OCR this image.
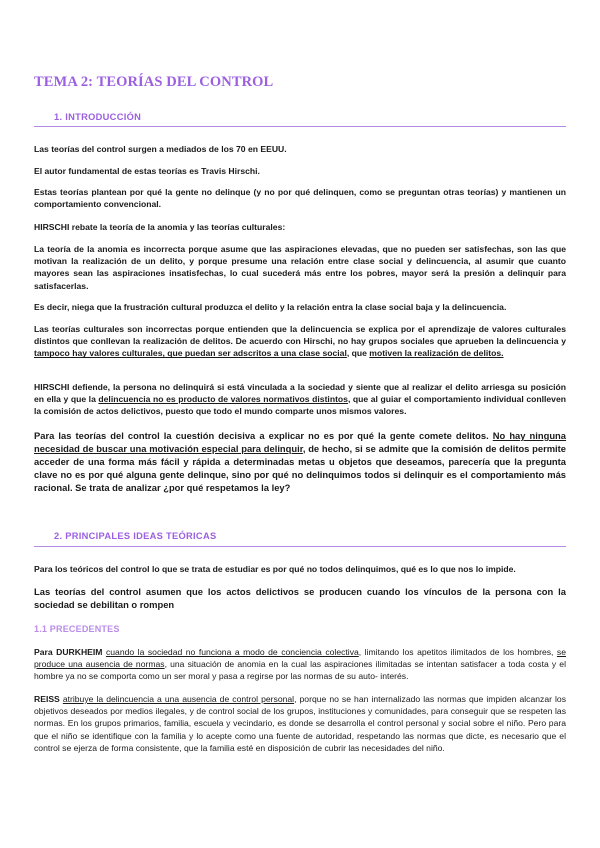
TEMA 2: TEORÍAS DEL CONTROL
1. INTRODUCCIÓN

Las teorías del control surgen a mediados de los 70 en EEUU.

El autor fundamental de estas teorías es Travis Hirschi.

Estas teorías plantean por qué la gente no delinque (y no por qué delinquen, como se preguntan otras teorías) y mantienen un comportamiento convencional.

HIRSCHI rebate la teoría de la anomia y las teorías culturales:

La teoría de la anomia es incorrecta porque asume que las aspiraciones elevadas, que no pueden ser satisfechas, son las que motivan la realización de un delito, y porque presume una relación entre clase social y delincuencia, al asumir que cuanto mayores sean las aspiraciones insatisfechas, lo cual sucederá más entre los pobres, mayor será la presión a delinquir para satisfacerlas.

Es decir, niega que la frustración cultural produzca el delito y la relación entra la clase social baja y la delincuencia.

Las teorías culturales son incorrectas porque entienden que la delincuencia se explica por el aprendizaje de valores culturales distintos que conllevan la realización de delitos. De acuerdo con Hirschi, no hay grupos sociales que aprueben la delincuencia y tampoco hay valores culturales, que puedan ser adscritos a una clase social, que motiven la realización de delitos.

HIRSCHI defiende, la persona no delinquirá si está vinculada a la sociedad y siente que al realizar el delito arriesga su posición en ella y que la delincuencia no es producto de valores normativos distintos, que al guiar el comportamiento individual conlleven la comisión de actos delictivos, puesto que todo el mundo comparte unos mismos valores.

Para las teorías del control la cuestión decisiva a explicar no es por qué la gente comete delitos. No hay ninguna necesidad de buscar una motivación especial para delinquir, de hecho, si se admite que la comisión de delitos permite acceder de una forma más fácil y rápida a determinadas metas u objetos que deseamos, parecería que la pregunta clave no es por qué alguna gente delinque, sino por qué no delinquimos todos si delinquir es el comportamiento más racional. Se trata de analizar ¿por qué respetamos la ley?

2. PRINCIPALES IDEAS TEÓRICAS

Para los teóricos del control lo que se trata de estudiar es por qué no todos delinquimos, qué es lo que nos lo impide.

Las teorías del control asumen que los actos delictivos se producen cuando los vínculos de la persona con la sociedad se debilitan o rompen

1.1 PRECEDENTES

Para DURKHEIM cuando la sociedad no funciona a modo de conciencia colectiva, limitando los apetitos ilimitados de los hombres, se produce una ausencia de normas, una situación de anomia en la cual las aspiraciones ilimitadas se intentan satisfacer a toda costa y el hombre ya no se comporta como un ser moral y pasa a regirse por las normas de su auto- interés.

REISS atribuye la delincuencia a una ausencia de control personal, porque no se han internalizado las normas que impiden alcanzar los objetivos deseados por medios ilegales, y de control social de los grupos, instituciones y comunidades, para conseguir que se respeten las normas. En los grupos primarios, familia, escuela y vecindario, es donde se desarrolla el control personal y social sobre el niño. Pero para que el niño se identifique con la familia y lo acepte como una fuente de autoridad, respetando las normas que dicte, es necesario que el control se ejerza de forma consistente, que la familia esté en disposición de cubrir las necesidades del niño.
